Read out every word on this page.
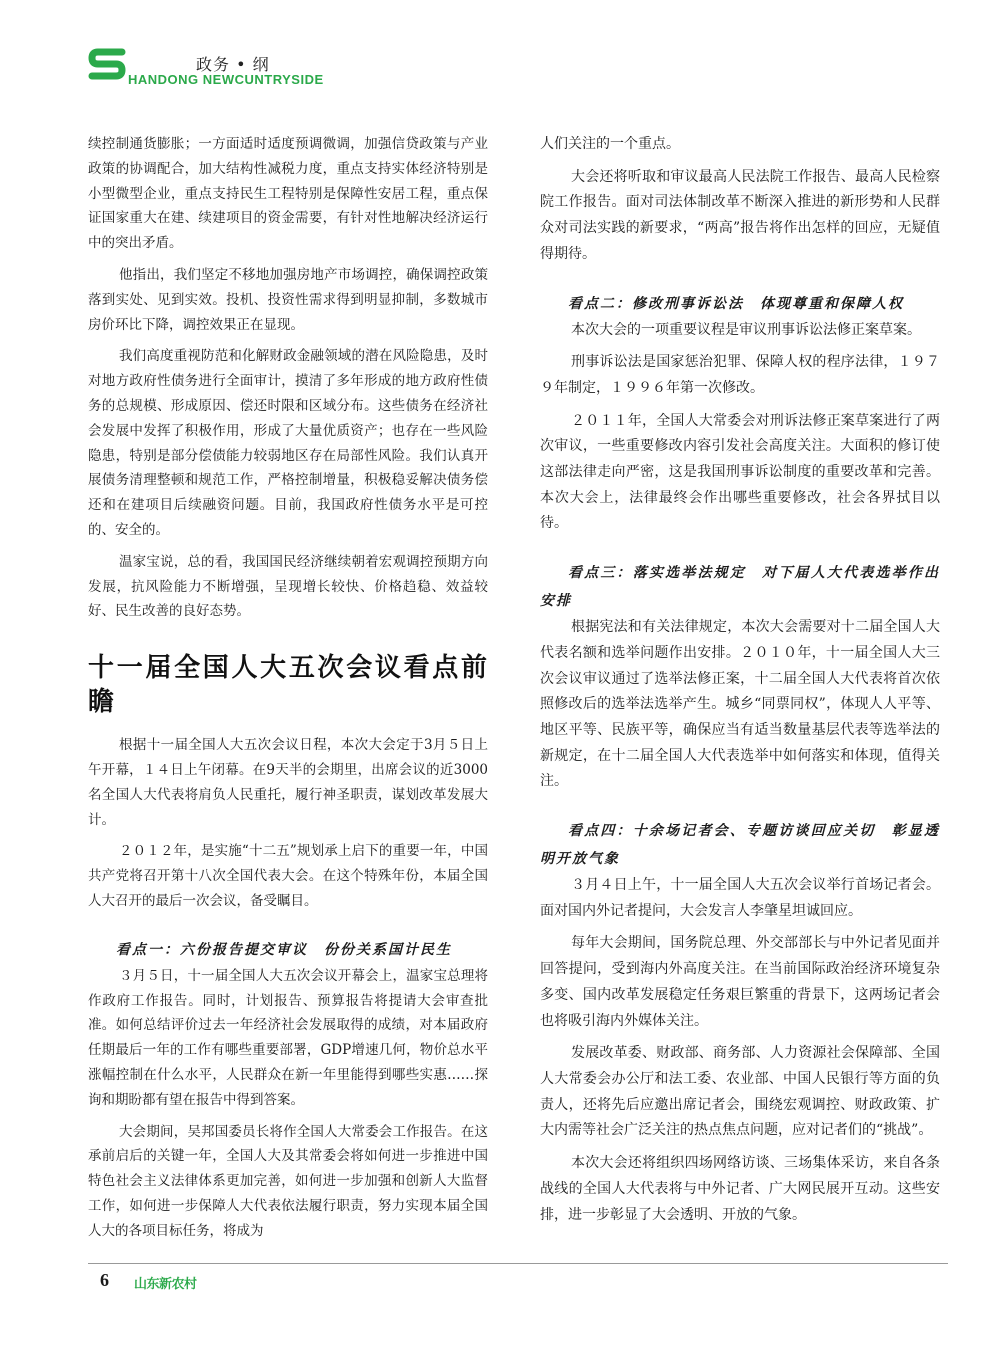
政务 • 纲
HANDONG NEWCUNTRYSIDE

续控制通货膨胀；一方面适时适度预调微调，加强信贷政策与产业政策的协调配合，加大结构性减税力度，重点支持实体经济特别是小型微型企业，重点支持民生工程特别是保障性安居工程，重点保证国家重大在建、续建项目的资金需要，有针对性地解决经济运行中的突出矛盾。

他指出，我们坚定不移地加强房地产市场调控，确保调控政策落到实处、见到实效。投机、投资性需求得到明显抑制，多数城市房价环比下降，调控效果正在显现。

我们高度重视防范和化解财政金融领域的潜在风险隐患，及时对地方政府性债务进行全面审计，摸清了多年形成的地方政府性债务的总规模、形成原因、偿还时限和区域分布。这些债务在经济社会发展中发挥了积极作用，形成了大量优质资产；也存在一些风险隐患，特别是部分偿债能力较弱地区存在局部性风险。我们认真开展债务清理整顿和规范工作，严格控制增量，积极稳妥解决债务偿还和在建项目后续融资问题。目前，我国政府性债务水平是可控的、安全的。

温家宝说，总的看，我国国民经济继续朝着宏观调控预期方向发展，抗风险能力不断增强，呈现增长较快、价格趋稳、效益较好、民生改善的良好态势。

十一届全国人大五次会议看点前瞻

根据十一届全国人大五次会议日程，本次大会定于3月５日上午开幕，１４日上午闭幕。在9天半的会期里，出席会议的近3000名全国人大代表将肩负人民重托，履行神圣职责，谋划改革发展大计。

２０１２年，是实施“十二五”规划承上启下的重要一年，中国共产党将召开第十八次全国代表大会。在这个特殊年份，本届全国人大召开的最后一次会议，备受瞩目。

看点一：六份报告提交审议　份份关系国计民生

３月５日，十一届全国人大五次会议开幕会上，温家宝总理将作政府工作报告。同时，计划报告、预算报告将提请大会审查批准。如何总结评价过去一年经济社会发展取得的成绩，对本届政府任期最后一年的工作有哪些重要部署，GDP增速几何，物价总水平涨幅控制在什么水平，人民群众在新一年里能得到哪些实惠……探询和期盼都有望在报告中得到答案。

大会期间，吴邦国委员长将作全国人大常委会工作报告。在这承前启后的关键一年，全国人大及其常委会将如何进一步推进中国特色社会主义法律体系更加完善，如何进一步加强和创新人大监督工作，如何进一步保障人大代表依法履行职责，努力实现本届全国人大的各项目标任务，将成为

人们关注的一个重点。

大会还将听取和审议最高人民法院工作报告、最高人民检察院工作报告。面对司法体制改革不断深入推进的新形势和人民群众对司法实践的新要求，“两高”报告将作出怎样的回应，无疑值得期待。

看点二：修改刑事诉讼法　体现尊重和保障人权

本次大会的一项重要议程是审议刑事诉讼法修正案草案。

刑事诉讼法是国家惩治犯罪、保障人权的程序法律，１９７９年制定，１９９６年第一次修改。

２０１１年，全国人大常委会对刑诉法修正案草案进行了两次审议，一些重要修改内容引发社会高度关注。大面积的修订使这部法律走向严密，这是我国刑事诉讼制度的重要改革和完善。本次大会上，法律最终会作出哪些重要修改，社会各界拭目以待。

看点三：落实选举法规定　对下届人大代表选举作出安排

根据宪法和有关法律规定，本次大会需要对十二届全国人大代表名额和选举问题作出安排。２０１０年，十一届全国人大三次会议审议通过了选举法修正案，十二届全国人大代表将首次依照修改后的选举法选举产生。城乡“同票同权”，体现人人平等、地区平等、民族平等，确保应当有适当数量基层代表等选举法的新规定，在十二届全国人大代表选举中如何落实和体现，值得关注。

看点四：十余场记者会、专题访谈回应关切　彰显透明开放气象

３月４日上午，十一届全国人大五次会议举行首场记者会。面对国内外记者提问，大会发言人李肇星坦诚回应。

每年大会期间，国务院总理、外交部部长与中外记者见面并回答提问，受到海内外高度关注。在当前国际政治经济环境复杂多变、国内改革发展稳定任务艰巨繁重的背景下，这两场记者会也将吸引海内外媒体关注。

发展改革委、财政部、商务部、人力资源社会保障部、全国人大常委会办公厅和法工委、农业部、中国人民银行等方面的负责人，还将先后应邀出席记者会，围绕宏观调控、财政政策、扩大内需等社会广泛关注的热点焦点问题，应对记者们的“挑战”。

本次大会还将组织四场网络访谈、三场集体采访，来自各条战线的全国人大代表将与中外记者、广大网民展开互动。这些安排，进一步彰显了大会透明、开放的气象。

6 山东新农村
